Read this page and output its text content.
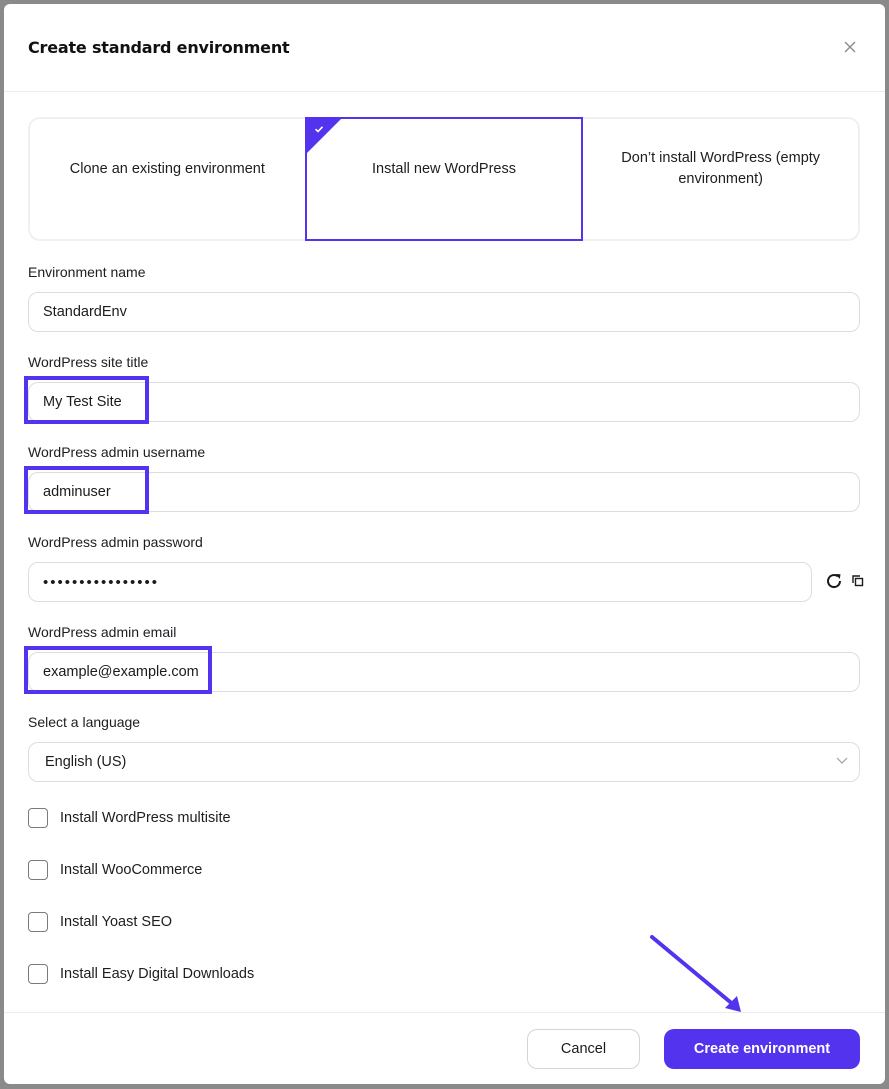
Create standard environment
Clone an existing environment	Install new WordPress
Don’t install WordPress (empty environment)
Environment name
StandardEnv
WordPress site title
My Test Site
WordPress admin username
adminuser
WordPress admin password
••••••••••••••••
WordPress admin email
example@example.com
Select a language
English (US)
Install WordPress multisite
Install WooCommerce
Install Yoast SEO
Install Easy Digital Downloads
Cancel	Create environment
